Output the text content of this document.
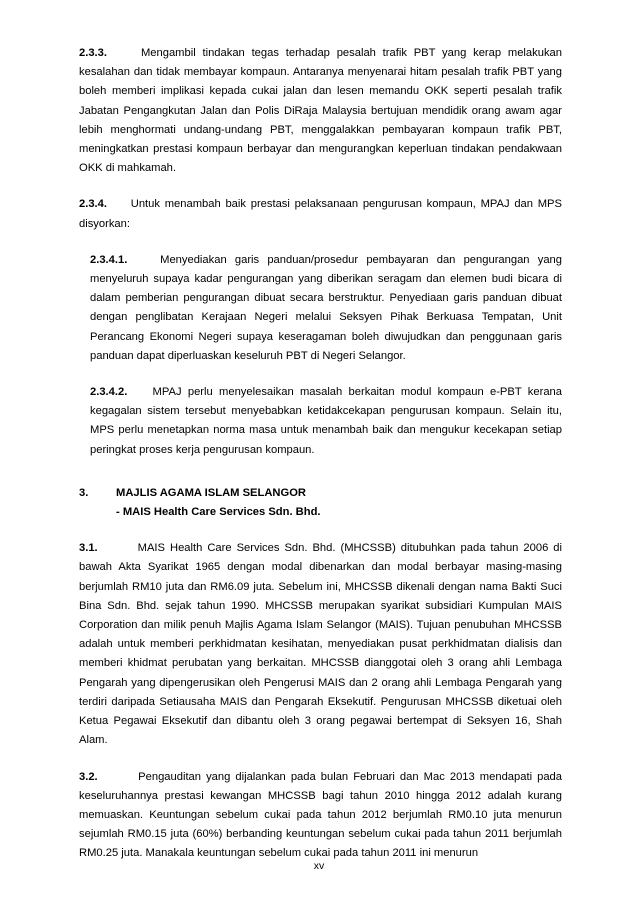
2.3.3.	Mengambil tindakan tegas terhadap pesalah trafik PBT yang kerap melakukan kesalahan dan tidak membayar kompaun. Antaranya menyenarai hitam pesalah trafik PBT yang boleh memberi implikasi kepada cukai jalan dan lesen memandu OKK seperti pesalah trafik Jabatan Pengangkutan Jalan dan Polis DiRaja Malaysia bertujuan mendidik orang awam agar lebih menghormati undang-undang PBT, menggalakkan pembayaran kompaun trafik PBT, meningkatkan prestasi kompaun berbayar dan mengurangkan keperluan tindakan pendakwaan OKK di mahkamah.

2.3.4. Untuk menambah baik prestasi pelaksanaan pengurusan kompaun, MPAJ dan MPS disyorkan:

2.3.4.1.	Menyediakan garis panduan/prosedur pembayaran dan pengurangan yang menyeluruh supaya kadar pengurangan yang diberikan seragam dan elemen budi bicara di dalam pemberian pengurangan dibuat secara berstruktur. Penyediaan garis panduan dibuat dengan penglibatan Kerajaan Negeri melalui Seksyen Pihak Berkuasa Tempatan, Unit Perancang Ekonomi Negeri supaya keseragaman boleh diwujudkan dan penggunaan garis panduan dapat diperluaskan keseluruh PBT di Negeri Selangor.

2.3.4.2. MPAJ perlu menyelesaikan masalah berkaitan modul kompaun e-PBT kerana kegagalan sistem tersebut menyebabkan ketidakcekapan pengurusan kompaun. Selain itu, MPS perlu menetapkan norma masa untuk menambah baik dan mengukur kecekapan setiap peringkat proses kerja pengurusan kompaun.

3.	MAJLIS AGAMA ISLAM SELANGOR
- MAIS Health Care Services Sdn. Bhd.

3.1.	MAIS Health Care Services Sdn. Bhd. (MHCSSB) ditubuhkan pada tahun 2006 di bawah Akta Syarikat 1965 dengan modal dibenarkan dan modal berbayar masing-masing berjumlah RM10 juta dan RM6.09 juta. Sebelum ini, MHCSSB dikenali dengan nama Bakti Suci Bina Sdn. Bhd. sejak tahun 1990. MHCSSB merupakan syarikat subsidiari Kumpulan MAIS Corporation dan milik penuh Majlis Agama Islam Selangor (MAIS). Tujuan penubuhan MHCSSB adalah untuk memberi perkhidmatan kesihatan, menyediakan pusat perkhidmatan dialisis dan memberi khidmat perubatan yang berkaitan. MHCSSB dianggotai oleh 3 orang ahli Lembaga Pengarah yang dipengerusikan oleh Pengerusi MAIS dan 2 orang ahli Lembaga Pengarah yang terdiri daripada Setiausaha MAIS dan Pengarah Eksekutif. Pengurusan MHCSSB diketuai oleh Ketua Pegawai Eksekutif dan dibantu oleh 3 orang pegawai bertempat di Seksyen 16, Shah Alam.

3.2.	Pengauditan yang dijalankan pada bulan Februari dan Mac 2013 mendapati pada keseluruhannya prestasi kewangan MHCSSB bagi tahun 2010 hingga 2012 adalah kurang memuaskan. Keuntungan sebelum cukai pada tahun 2012 berjumlah RM0.10 juta menurun sejumlah RM0.15 juta (60%) berbanding keuntungan sebelum cukai pada tahun 2011 berjumlah RM0.25 juta. Manakala keuntungan sebelum cukai pada tahun 2011 ini menurun

xv
